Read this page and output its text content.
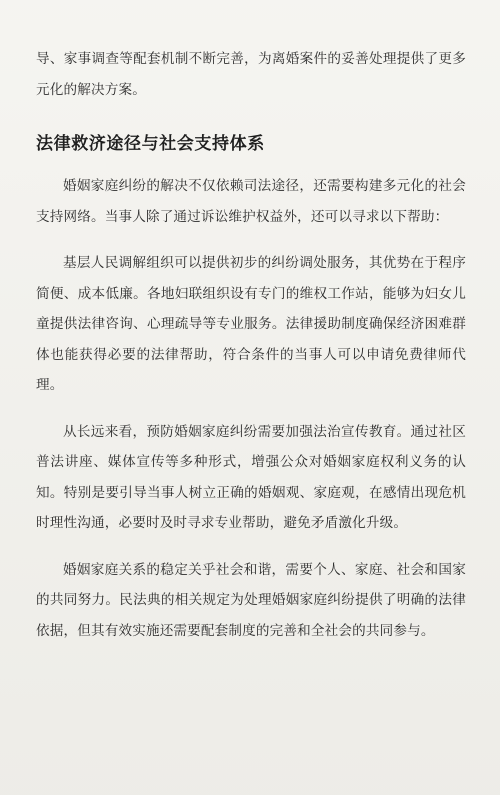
导、家事调查等配套机制不断完善，为离婚案件的妥善处理提供了更多元化的解决方案。

法律救济途径与社会支持体系

婚姻家庭纠纷的解决不仅依赖司法途径，还需要构建多元化的社会支持网络。当事人除了通过诉讼维护权益外，还可以寻求以下帮助：

基层人民调解组织可以提供初步的纠纷调处服务，其优势在于程序简便、成本低廉。各地妇联组织设有专门的维权工作站，能够为妇女儿童提供法律咨询、心理疏导等专业服务。法律援助制度确保经济困难群体也能获得必要的法律帮助，符合条件的当事人可以申请免费律师代理。

从长远来看，预防婚姻家庭纠纷需要加强法治宣传教育。通过社区普法讲座、媒体宣传等多种形式，增强公众对婚姻家庭权利义务的认知。特别是要引导当事人树立正确的婚姻观、家庭观，在感情出现危机时理性沟通，必要时及时寻求专业帮助，避免矛盾激化升级。

婚姻家庭关系的稳定关乎社会和谐，需要个人、家庭、社会和国家的共同努力。民法典的相关规定为处理婚姻家庭纠纷提供了明确的法律依据，但其有效实施还需要配套制度的完善和全社会的共同参与。
